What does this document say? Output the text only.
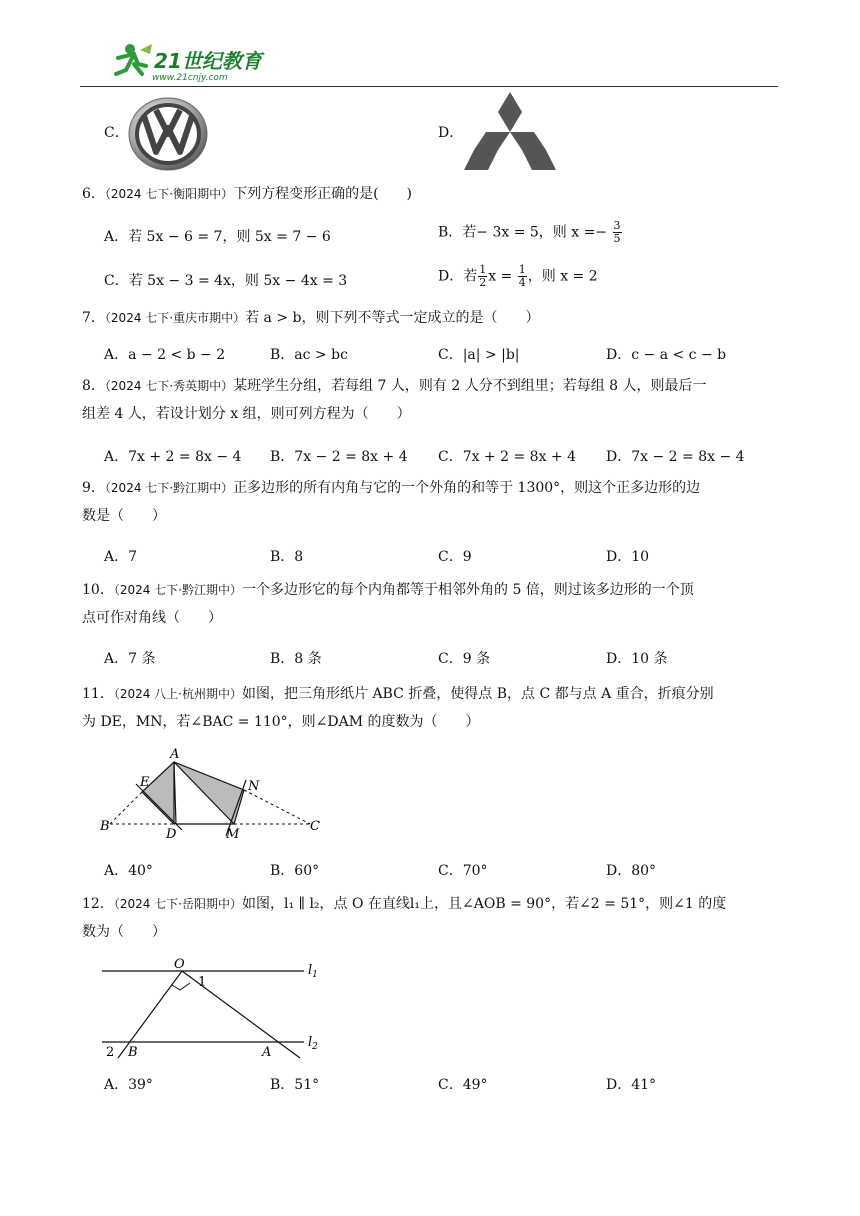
21世纪教育
www.21cnjy.com
C．	D．
6．（2024 七下·衡阳期中）下列方程变形正确的是(　　)
A．若 5x − 6 = 7，则 5x = 7 − 6	B．若− 3x = 5，则 $x =- \frac{3}{5}$
C．若 5x − 3 = 4x，则 5x − 4x = 3	D．若 $\frac{1}{2}$ $x = \frac{1}{4}$ ，则 x = 2
7．（2024 七下·重庆市期中）若 a > b，则下列不等式一定成立的是（　　）
A．a − 2 < b − 2	B．ac > bc	C．|a| > |b|	D．c − a < c − b
8．（2024 七下·秀英期中）某班学生分组，若每组 7 人，则有 2 人分不到组里；若每组 8 人，则最后一
组差 4 人，若设计划分 x 组，则可列方程为（　　）
A．7x + 2 = 8x − 4 B．7x − 2 = 8x + 4 C．7x + 2 = 8x + 4 D．7x − 2 = 8x − 4
9．（2024 七下·黔江期中）正多边形的所有内角与它的一个外角的和等于 1300°，则这个正多边形的边
数是（　　）
A．7	B．8	C．9	D．10
10．（2024 七下·黔江期中）一个多边形它的每个内角都等于相邻外角的 5 倍，则过该多边形的一个顶
点可作对角线（　　）
A．7 条	B．8 条	C．9 条	D．10 条
11．（2024 八上·杭州期中）如图，把三角形纸片 ABC 折叠，使得点 B，点 C 都与点 A 重合，折痕分别
为 DE，MN，若∠BAC = 110°，则∠DAM 的度数为（　　）
A
E	N
B	C
D	M
A．40°	B．60°	C．70°	D．80°
12．（2024 七下·岳阳期中）如图，l₁ ∥ l₂，点 O 在直线l₁上，且∠AOB = 90°，若∠2 = 51°，则∠1 的度
数为（　　）
O
1
$l_1$
$l_2$
2 B	A
A．39°	B．51°	C．49°	D．41°
